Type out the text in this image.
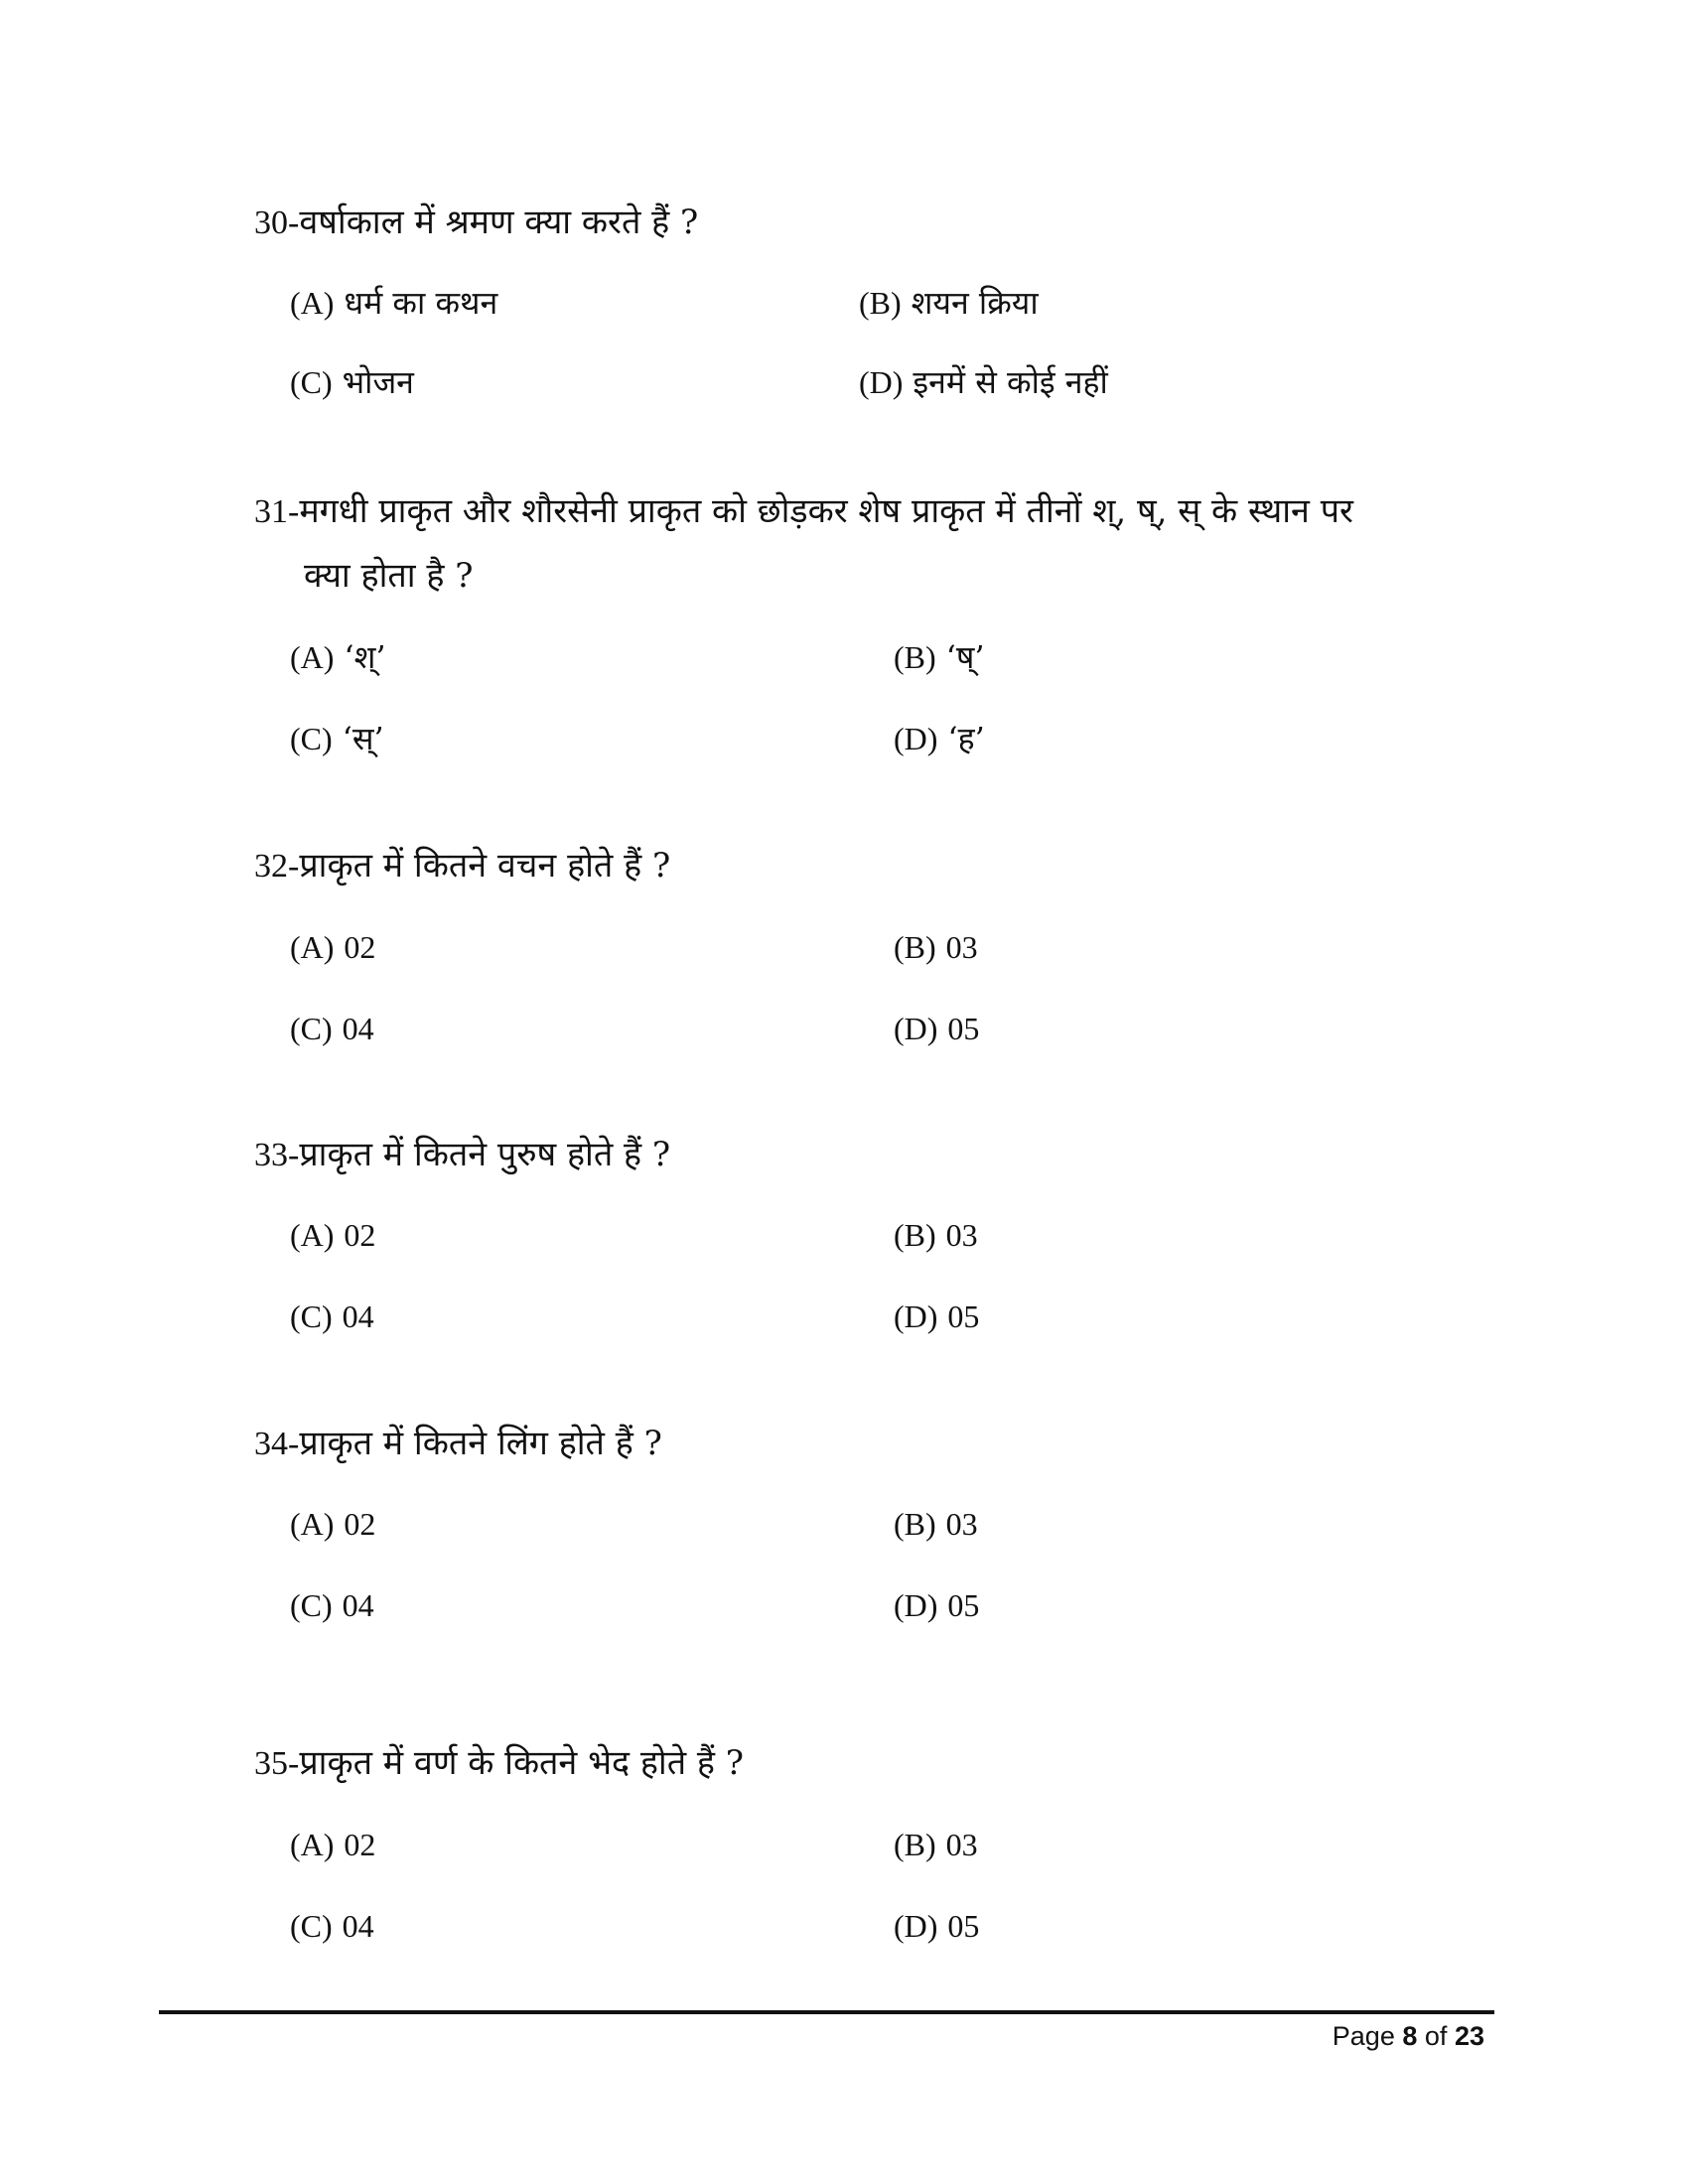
30-वर्षाकाल में श्रमण क्या करते हैं ?

(A) धर्म का कथन	(B) शयन क्रिया
(C) भोजन	(D) इनमें से कोई नहीं

31-मगधी प्राकृत और शौरसेनी प्राकृत को छोड़कर शेष प्राकृत में तीनों श्, ष्, स् के स्थान पर
क्या होता है ?

(A) ‘श्’	(B) ‘ष्’
(C) ‘स्’	(D) ‘ह’

32-प्राकृत में कितने वचन होते हैं ?

(A) 02	(B) 03
(C) 04	(D) 05

33-प्राकृत में कितने पुरुष होते हैं ?

(A) 02	(B) 03
(C) 04	(D) 05

34-प्राकृत में कितने लिंग होते हैं ?

(A) 02	(B) 03
(C) 04	(D) 05

35-प्राकृत में वर्ण के कितने भेद होते हैं ?

(A) 02	(B) 03
(C) 04	(D) 05
Page 8 of 23
